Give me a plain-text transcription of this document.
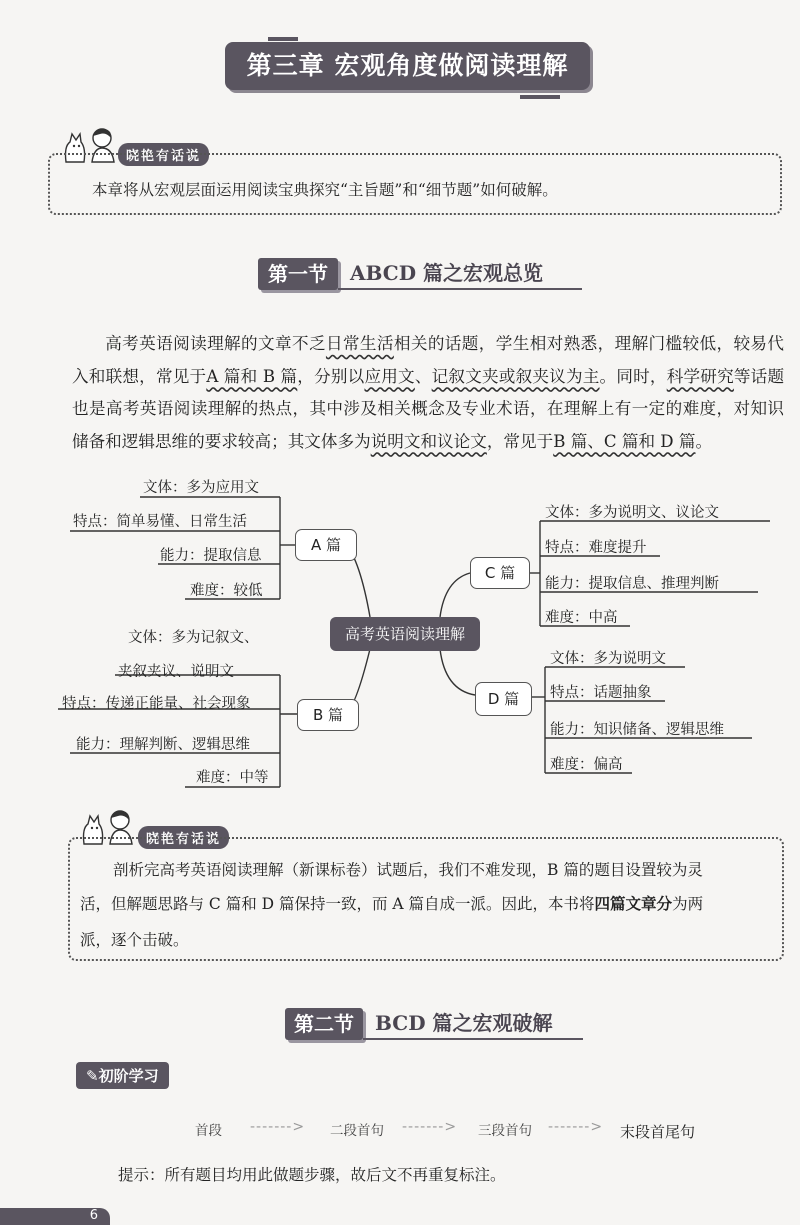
第三章 宏观角度做阅读理解
晓艳有话说
本章将从宏观层面运用阅读宝典探究“主旨题”和“细节题”如何破解。
第一节	ABCD 篇之宏观总览
高考英语阅读理解的文章不乏日常生活相关的话题，学生相对熟悉，理解门槛较低，较易代入和联想，常见于A 篇和 B 篇，分别以应用文、记叙文夹或叙夹议为主。同时，科学研究等话题也是高考英语阅读理解的热点，其中涉及相关概念及专业术语，在理解上有一定的难度，对知识储备和逻辑思维的要求较高；其文体多为说明文和议论文，常见于B 篇、C 篇和 D 篇。
高考英语阅读理解
A 篇
文体：多为应用文
特点：简单易懂、日常生活
能力：提取信息
难度：较低
B 篇
文体：多为记叙文、
夹叙夹议、说明文
特点：传递正能量、社会现象
能力：理解判断、逻辑思维
难度：中等
C 篇
文体：多为说明文、议论文
特点：难度提升
能力：提取信息、推理判断
难度：中高
D 篇
文体：多为说明文
特点：话题抽象
能力：知识储备、逻辑思维
难度：偏高
晓艳有话说
剖析完高考英语阅读理解（新课标卷）试题后，我们不难发现，B 篇的题目设置较为灵
活，但解题思路与 C 篇和 D 篇保持一致，而 A 篇自成一派。因此，本书将四篇文章分为两
派，逐个击破。
第二节	BCD 篇之宏观破解
✎初阶学习
首段 -------> 二段首句 -------> 三段首句 -------> 末段首尾句
提示：所有题目均用此做题步骤，故后文不再重复标注。
6
